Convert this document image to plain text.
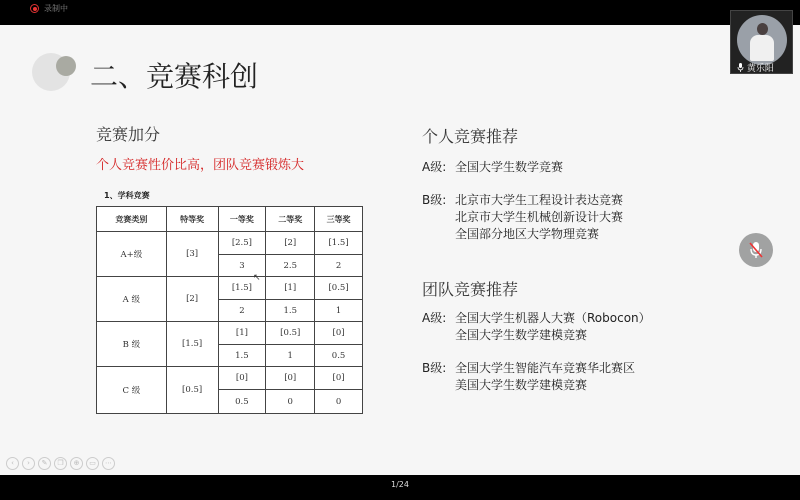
录制中
二、竞赛科创
竞赛加分
个人竞赛性价比高，团队竞赛锻炼大
1、学科竞赛
竞赛类别	特等奖	一等奖	二等奖	三等奖
A+级	[3]	[2.5]	[2]	[1.5]
		3	2.5	2
A 级	[2]	[1.5]	[1]	[0.5]
		2	1.5	1
B 级	[1.5]	[1]	[0.5]	[0]
		1.5	1	0.5
C 级	[0.5]	[0]	[0]	[0]
		0.5	0	0
↖
个人竞赛推荐
A级: 全国大学生数学竞赛
B级: 北京市大学生工程设计表达竞赛
北京市大学生机械创新设计大赛
全国部分地区大学物理竞赛
团队竞赛推荐
A级: 全国大学生机器人大赛（Robocon）
全国大学生数学建模竞赛
B级: 全国大学生智能汽车竞赛华北赛区
美国大学生数学建模竞赛
‹	›	✎	❐	⊕	▭	⋯
黄乐阳
1/24
